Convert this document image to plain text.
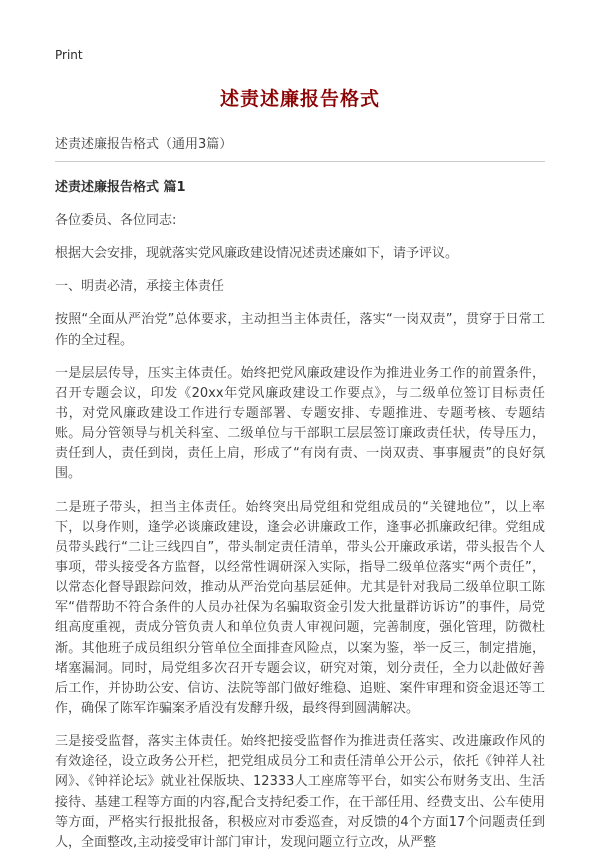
Print
述责述廉报告格式
述责述廉报告格式（通用3篇）
述责述廉报告格式 篇1

各位委员、各位同志:

根据大会安排，现就落实党风廉政建设情况述责述廉如下，请予评议。

一、明责必清，承接主体责任

按照“全面从严治党”总体要求，主动担当主体责任，落实“一岗双责”，贯穿于日常工作的全过程。

一是层层传导，压实主体责任。始终把党风廉政建设作为推进业务工作的前置条件，召开专题会议，印发《20xx年党风廉政建设工作要点》，与二级单位签订目标责任书，对党风廉政建设工作进行专题部署、专题安排、专题推进、专题考核、专题结账。局分管领导与机关科室、二级单位与干部职工层层签订廉政责任状，传导压力，责任到人，责任到岗，责任上肩，形成了“有岗有责、一岗双责、事事履责”的良好氛围。

二是班子带头，担当主体责任。始终突出局党组和党组成员的“关键地位”，以上率下，以身作则，逢学必谈廉政建设，逢会必讲廉政工作，逢事必抓廉政纪律。党组成员带头践行“二让三线四自”，带头制定责任清单，带头公开廉政承诺，带头报告个人事项，带头接受各方监督，以经常性调研深入实际，指导二级单位落实“两个责任”，以常态化督导跟踪问效，推动从严治党向基层延伸。尤其是针对我局二级单位职工陈军“借帮助不符合条件的人员办社保为名骗取资金引发大批量群访诉访”的事件，局党组高度重视，责成分管负责人和单位负责人审视问题，完善制度，强化管理，防微杜渐。其他班子成员组织分管单位全面排查风险点，以案为鉴，举一反三，制定措施，堵塞漏洞。同时，局党组多次召开专题会议，研究对策，划分责任，全力以赴做好善后工作，并协助公安、信访、法院等部门做好维稳、追赃、案件审理和资金退还等工作，确保了陈军诈骗案矛盾没有发酵升级，最终得到圆满解决。

三是接受监督，落实主体责任。始终把接受监督作为推进责任落实、改进廉政作风的有效途径，设立政务公开栏，把党组成员分工和责任清单公开公示，依托《钟祥人社网》、《钟祥论坛》就业社保版块、12333人工座席等平台，如实公布财务支出、生活接待、基建工程等方面的内容,配合支持纪委工作，在干部任用、经费支出、公车使用等方面，严格实行报批报备，积极应对市委巡查，对反馈的4个方面17个问题责任到人，全面整改,主动接受审计部门审计，发现问题立行立改，从严整
